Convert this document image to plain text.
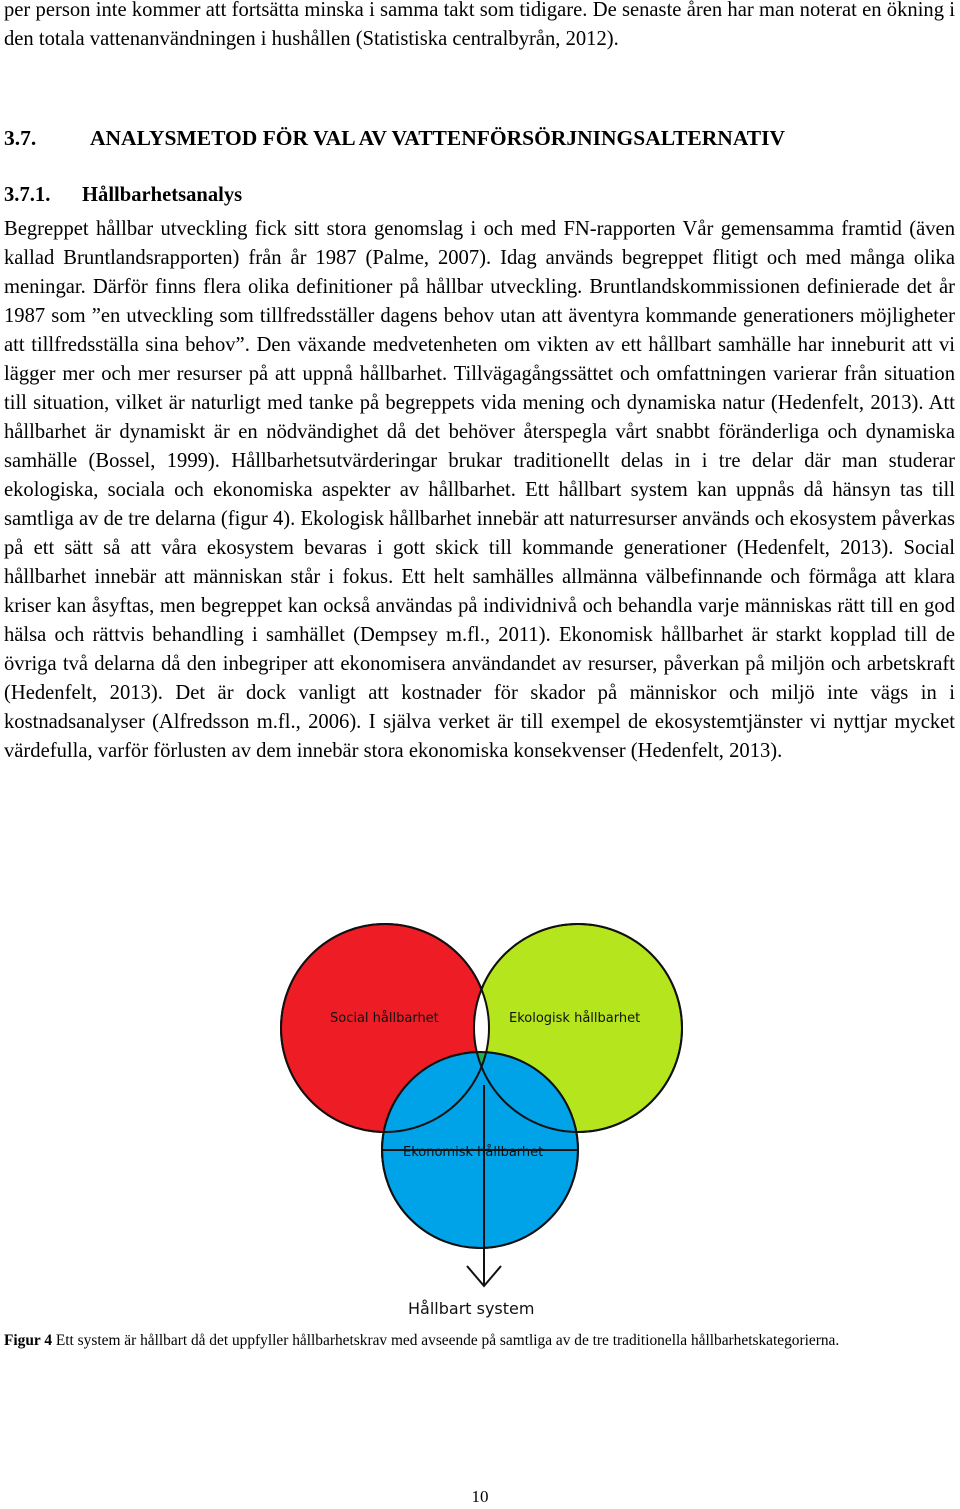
per person inte kommer att fortsätta minska i samma takt som tidigare. De senaste åren har man noterat en ökning i den totala vattenanvändningen i hushållen (Statistiska centralbyrån, 2012).

3.7.	ANALYSMETOD FÖR VAL AV VATTENFÖRSÖRJNINGSALTERNATIV
3.7.1. Hållbarhetsanalys

Begreppet hållbar utveckling fick sitt stora genomslag i och med FN-rapporten Vår gemensamma framtid (även kallad Bruntlandsrapporten) från år 1987 (Palme, 2007). Idag används begreppet flitigt och med många olika meningar. Därför finns flera olika definitioner på hållbar utveckling. Bruntlandskommissionen definierade det år 1987 som ”en utveckling som tillfredsställer dagens behov utan att äventyra kommande generationers möjligheter att tillfredsställa sina behov”. Den växande medvetenheten om vikten av ett hållbart samhälle har inneburit att vi lägger mer och mer resurser på att uppnå hållbarhet. Tillvägagångssättet och omfattningen varierar från situation till situation, vilket är naturligt med tanke på begreppets vida mening och dynamiska natur (Hedenfelt, 2013). Att hållbarhet är dynamiskt är en nödvändighet då det behöver återspegla vårt snabbt föränderliga och dynamiska samhälle (Bossel, 1999). Hållbarhetsutvärderingar brukar traditionellt delas in i tre delar där man studerar ekologiska, sociala och ekonomiska aspekter av hållbarhet. Ett hållbart system kan uppnås då hänsyn tas till samtliga av de tre delarna (figur 4). Ekologisk hållbarhet innebär att naturresurser används och ekosystem påverkas på ett sätt så att våra ekosystem bevaras i gott skick till kommande generationer (Hedenfelt, 2013). Social hållbarhet innebär att människan står i fokus. Ett helt samhälles allmänna välbefinnande och förmåga att klara kriser kan åsyftas, men begreppet kan också användas på individnivå och behandla varje människas rätt till en god hälsa och rättvis behandling i samhället (Dempsey m.fl., 2011). Ekonomisk hållbarhet är starkt kopplad till de övriga två delarna då den inbegriper att ekonomisera användandet av resurser, påverkan på miljön och arbetskraft (Hedenfelt, 2013). Det är dock vanligt att kostnader för skador på människor och miljö inte vägs in i kostnadsanalyser (Alfredsson m.fl., 2006). I själva verket är till exempel de ekosystemtjänster vi nyttjar mycket värdefulla, varför förlusten av dem innebär stora ekonomiska konsekvenser (Hedenfelt, 2013).

Social hållbarhet	Ekologisk hållbarhet
Ekonomisk hållbarhet
Hållbart system

Figur 4 Ett system är hållbart då det uppfyller hållbarhetskrav med avseende på samtliga av de tre traditionella hållbarhetskategorierna.

10
